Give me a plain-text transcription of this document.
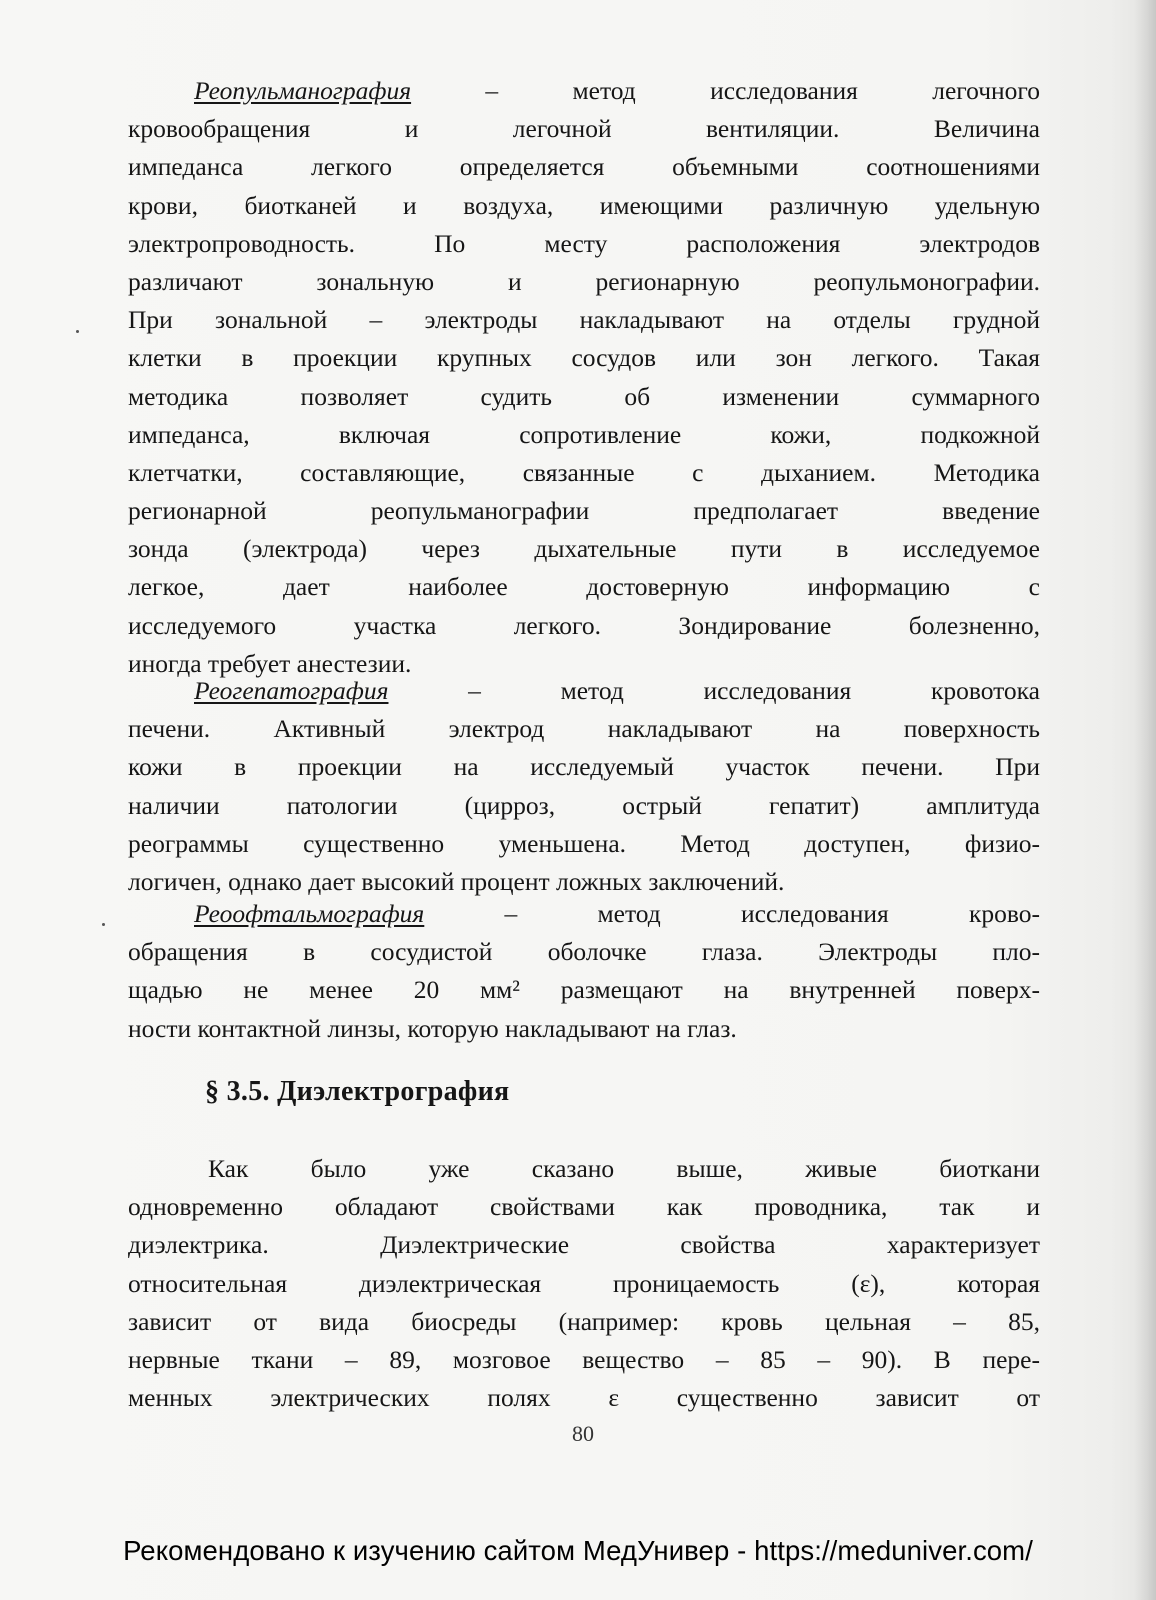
Реопульманография – метод исследования легочного
кровообращения и легочной вентиляции. Величина
импеданса легкого определяется объемными соотношениями
крови, биотканей и воздуха, имеющими различную удельную
электропроводность. По месту расположения электродов
различают зональную и регионарную реопульмонографии.
При зональной – электроды накладывают на отделы грудной
клетки в проекции крупных сосудов или зон легкого. Такая
методика позволяет судить об изменении суммарного
импеданса, включая сопротивление кожи, подкожной
клетчатки, составляющие, связанные с дыханием. Методика
регионарной реопульманографии предполагает введение
зонда (электрода) через дыхательные пути в исследуемое
легкое, дает наиболее достоверную информацию с
исследуемого участка легкого. Зондирование болезненно,
иногда требует анестезии.
Реогепатография – метод исследования кровотока
печени. Активный электрод накладывают на поверхность
кожи в проекции на исследуемый участок печени. При
наличии патологии (цирроз, острый гепатит) амплитуда
реограммы существенно уменьшена. Метод доступен, физио-
логичен, однако дает высокий процент ложных заключений.
Реоофтальмография – метод исследования крово-
обращения в сосудистой оболочке глаза. Электроды пло-
щадью не менее 20 мм² размещают на внутренней поверх-
ности контактной линзы, которую накладывают на глаз.
§ 3.5. Диэлектрография
Как было уже сказано выше, живые биоткани
одновременно обладают свойствами как проводника, так и
диэлектрика. Диэлектрические свойства характеризует
относительная диэлектрическая проницаемость (ε), которая
зависит от вида биосреды (например: кровь цельная – 85,
нервные ткани – 89, мозговое вещество – 85 – 90). В пере-
менных электрических полях ε существенно зависит от
80
Рекомендовано к изучению сайтом МедУнивер - https://meduniver.com/
